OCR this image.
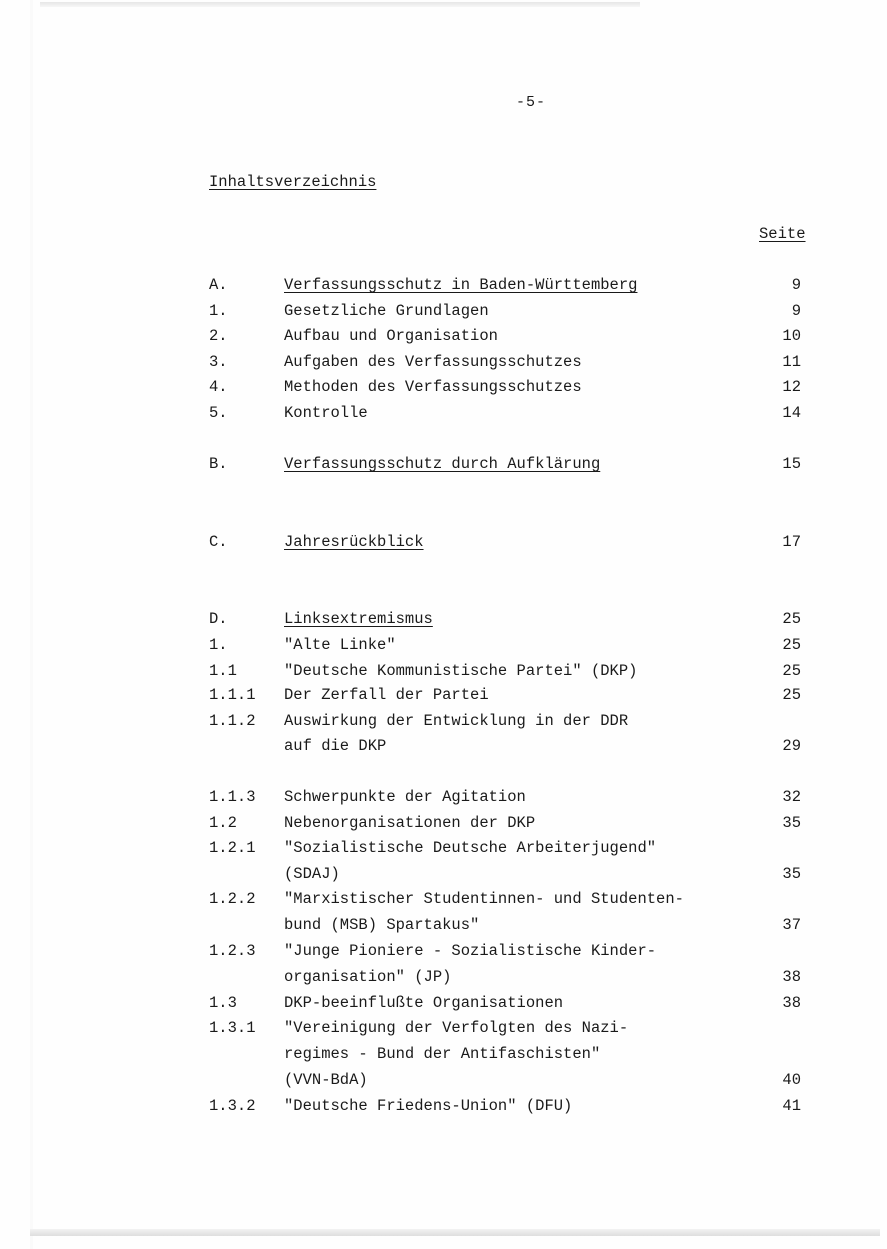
-5-
Inhaltsverzeichnis
Seite
A.	Verfassungsschutz in Baden-Württemberg	9
1.	Gesetzliche Grundlagen	9
2.	Aufbau und Organisation	10
3.	Aufgaben des Verfassungsschutzes	11
4.	Methoden des Verfassungsschutzes	12
5.	Kontrolle	14
B.	Verfassungsschutz durch Aufklärung	15
C.	Jahresrückblick	17
D.	Linksextremismus	25
1.	"Alte Linke"	25
1.1	"Deutsche Kommunistische Partei" (DKP)	25
1.1.1 Der Zerfall der Partei	25
1.1.2 Auswirkung der Entwicklung in der DDR
auf die DKP	29
1.1.3 Schwerpunkte der Agitation	32
1.2	Nebenorganisationen der DKP	35
1.2.1 "Sozialistische Deutsche Arbeiterjugend"
(SDAJ)	35
1.2.2 "Marxistischer Studentinnen- und Studenten-
bund (MSB) Spartakus"	37
1.2.3 "Junge Pioniere - Sozialistische Kinder-
organisation" (JP)	38
1.3	DKP-beeinflußte Organisationen	38
1.3.1 "Vereinigung der Verfolgten des Nazi-
regimes - Bund der Antifaschisten"
(VVN-BdA)	40
1.3.2 "Deutsche Friedens-Union" (DFU)	41
